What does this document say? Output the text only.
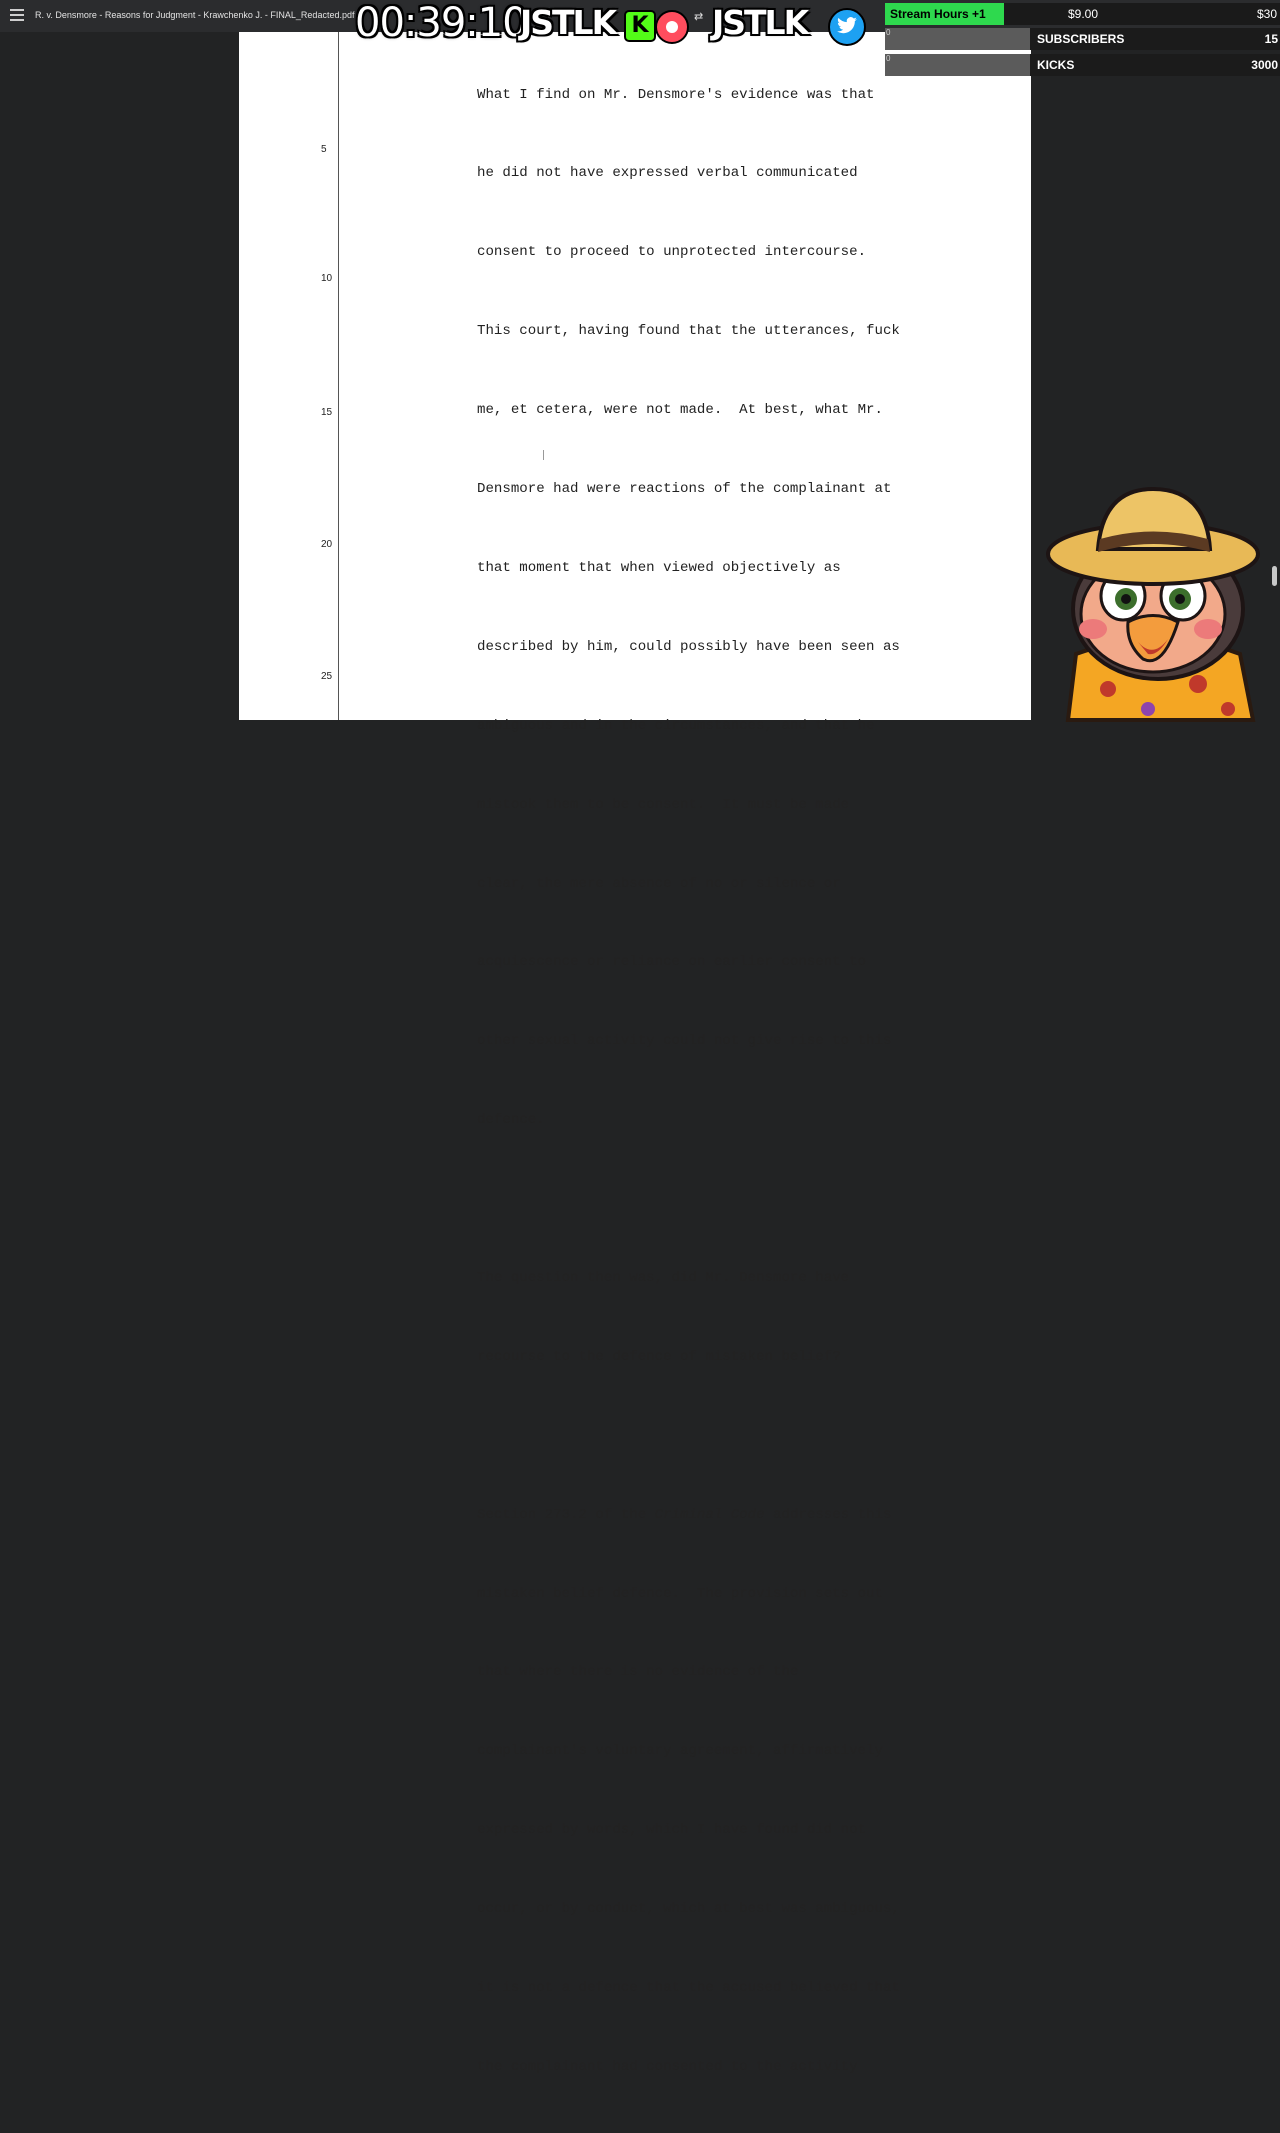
R. v. Densmore - Reasons for Judgment - Krawchenko J. - FINAL_Redacted.pdf
5
10
15
20
25

What I find on Mr. Densmore's evidence was that

he did not have expressed verbal communicated

consent to proceed to unprotected intercourse.

This court, having found that the utterances, fuck

me, et cetera, were not made.  At best, what Mr.

Densmore had were reactions of the complainant at

that moment that when viewed objectively as

described by him, could possibly have been seen as

ambiguous and in the circumstances, and that he

mistook them to be consent.  It must be made

clear, the mere absence of no or silence or

acquiescence or reliance on earlier consent to

other sexual activity could not give rise to this

defence.

The question then was, did Mr. Densmore have

recourse to the defence of mistaken belief?

Section 273.2 of the Criminal Code addresses this

mistaken belief defence.  The provision sets out

that where there is no evidence of the

complainant's voluntary agreement, affirmatively

expressed by words, which I have found did not

occur, or by conduct, which at best was ambiguous,

it is not a defence that the accused believed that

the complainant had consented to the activity

00:39:10
JSTLK K	⇄ JSTLK	Stream Hours +1	$9.00	$30
0	SUBSCRIBERS	15
0	KICKS	3000
